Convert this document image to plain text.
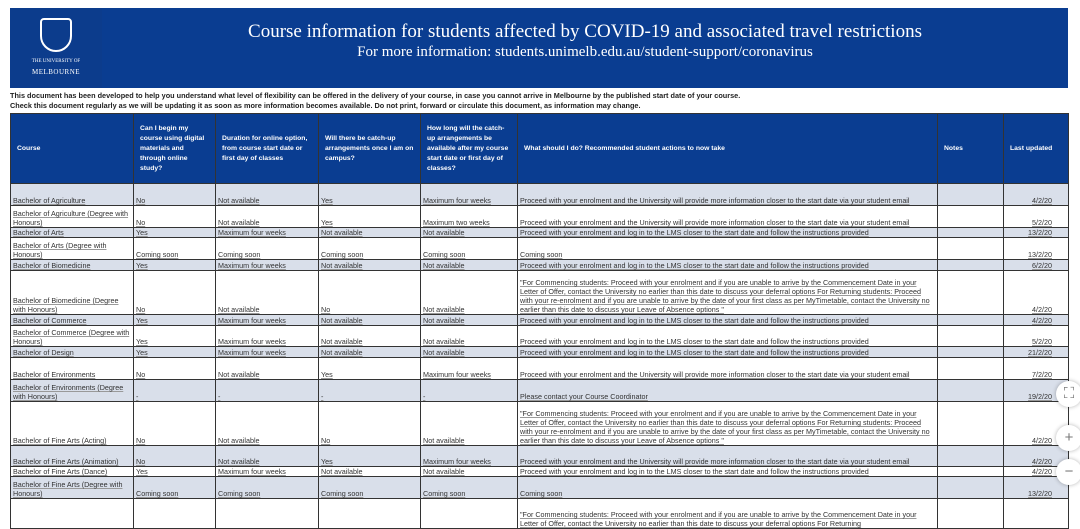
THE UNIVERSITY OF
MELBOURNE
Course information for students affected by COVID-19 and associated travel restrictions
For more information: students.unimelb.edu.au/student-support/coronavirus
This document has been developed to help you understand what level of flexibility can be offered in the delivery of your course, in case you cannot arrive in Melbourne by the published start date of your course.
Check this document regularly as we will be updating it as soon as more information becomes available. Do not print, forward or circulate this document, as information may change.
Course	Can I begin my course using digital materials and through online study?	Duration for online option, from course start date or first day of classes	Will there be catch-up arrangements once I am on campus?	How long will the catch-up arrangements be available after my course start date or first day of classes?	What should I do? Recommended student actions to now take	Notes	Last updated
Bachelor of Agriculture	No	Not available	Yes	Maximum four weeks	Proceed with your enrolment and the University will provide more information closer to the start date via your student email		4/2/20
Bachelor of Agriculture (Degree with Honours)	No	Not available	Yes	Maximum two weeks	Proceed with your enrolment and the University will provide more information closer to the start date via your student email		5/2/20
Bachelor of Arts	Yes	Maximum four weeks	Not available	Not available	Proceed with your enrolment and log in to the LMS closer to the start date and follow the instructions provided		13/2/20
Bachelor of Arts (Degree with Honours)	Coming soon	Coming soon	Coming soon	Coming soon	Coming soon		13/2/20
Bachelor of Biomedicine	Yes	Maximum four weeks	Not available	Not available	Proceed with your enrolment and log in to the LMS closer to the start date and follow the instructions provided		6/2/20
Bachelor of Biomedicine (Degree with Honours)	No	Not available	No	Not available	"For Commencing students: Proceed with your enrolment and if you are unable to arrive by the Commencement Date in your Letter of Offer, contact the University no earlier than this date to discuss your deferral options For Returning students: Proceed with your re-enrolment and if you are unable to arrive by the date of your first class as per MyTimetable, contact the University no earlier than this date to discuss your Leave of Absence options "		4/2/20
Bachelor of Commerce	Yes	Maximum four weeks	Not available	Not available	Proceed with your enrolment and log in to the LMS closer to the start date and follow the instructions provided		4/2/20
Bachelor of Commerce (Degree with Honours)	Yes	Maximum four weeks	Not available	Not available	Proceed with your enrolment and log in to the LMS closer to the start date and follow the instructions provided		5/2/20
Bachelor of Design	Yes	Maximum four weeks	Not available	Not available	Proceed with your enrolment and log in to the LMS closer to the start date and follow the instructions provided		21/2/20
Bachelor of Environments	No	Not available	Yes	Maximum four weeks	Proceed with your enrolment and the University will provide more information closer to the start date via your student email		7/2/20
Bachelor of Environments (Degree with Honours)	-	-	-	-	Please contact your Course Coordinator		19/2/20
Bachelor of Fine Arts (Acting)	No	Not available	No	Not available	"For Commencing students: Proceed with your enrolment and if you are unable to arrive by the Commencement Date in your Letter of Offer, contact the University no earlier than this date to discuss your deferral options For Returning students: Proceed with your re-enrolment and if you are unable to arrive by the date of your first class as per MyTimetable, contact the University no earlier than this date to discuss your Leave of Absence options "		4/2/20
Bachelor of Fine Arts (Animation)	No	Not available	Yes	Maximum four weeks	Proceed with your enrolment and the University will provide more information closer to the start date via your student email		4/2/20
Bachelor of Fine Arts (Dance)	Yes	Maximum four weeks	Not available	Not available	Proceed with your enrolment and log in to the LMS closer to the start date and follow the instructions provided		4/2/20
Bachelor of Fine Arts (Degree with Honours)	Coming soon	Coming soon	Coming soon	Coming soon	Coming soon		13/2/20
					"For Commencing students: Proceed with your enrolment and if you are unable to arrive by the Commencement Date in your Letter of Offer, contact the University no earlier than this date to discuss your deferral options For Returning		
⛶
+
−
